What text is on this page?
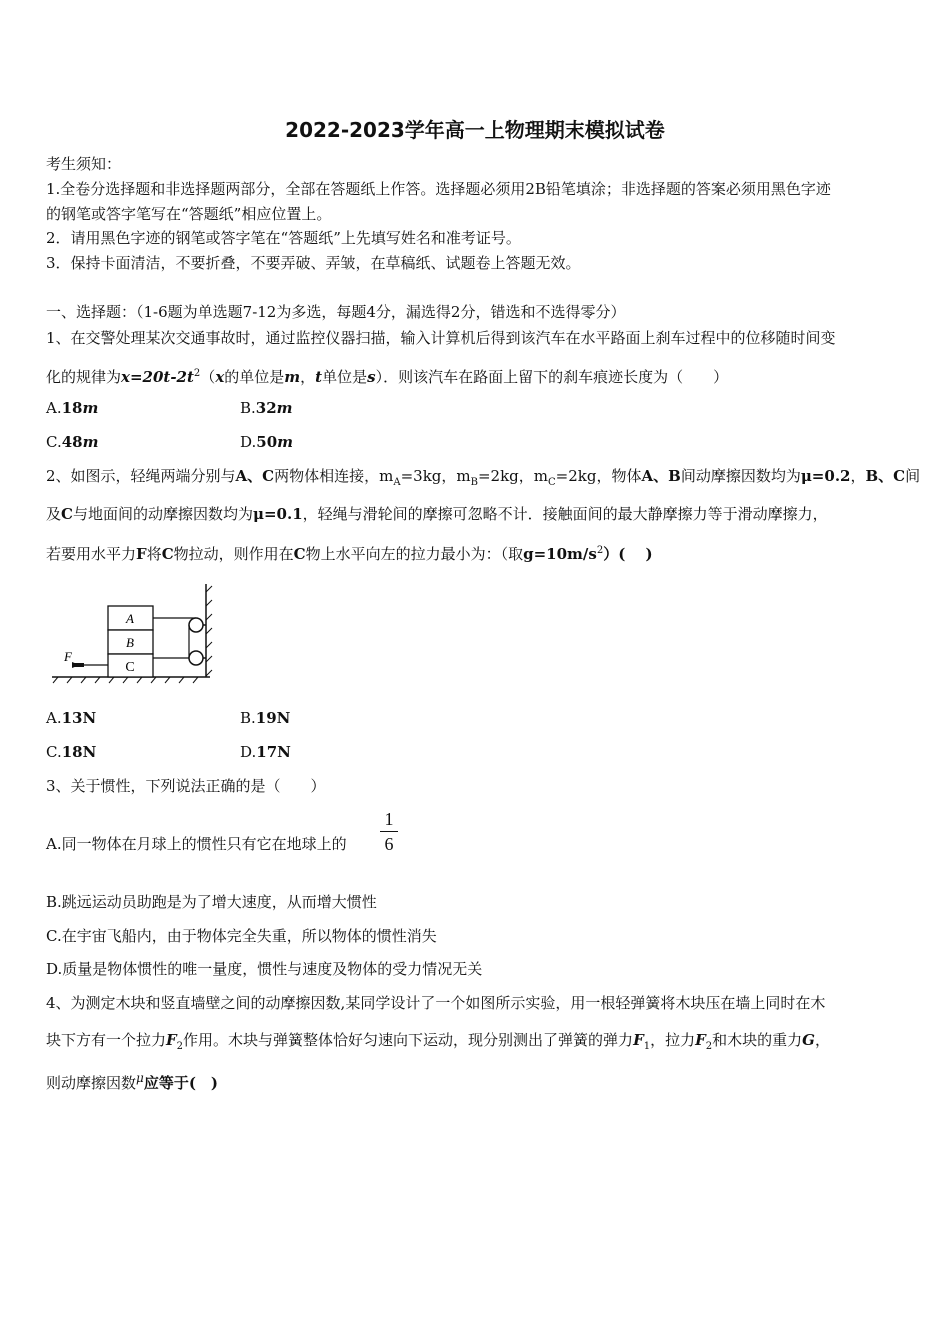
2022-2023学年高一上物理期末模拟试卷
考生须知：
1.全卷分选择题和非选择题两部分，全部在答题纸上作答。选择题必须用2B铅笔填涂；非选择题的答案必须用黑色字迹
的钢笔或答字笔写在“答题纸”相应位置上。
2．请用黑色字迹的钢笔或答字笔在“答题纸”上先填写姓名和准考证号。
3．保持卡面清洁，不要折叠，不要弄破、弄皱，在草稿纸、试题卷上答题无效。
一、选择题：（1-6题为单选题7-12为多选，每题4分，漏选得2分，错选和不选得零分）
1、在交警处理某次交通事故时，通过监控仪器扫描，输入计算机后得到该汽车在水平路面上刹车过程中的位移随时间变
化的规律为$x=20t-2t^2(x$的单位是m，t单位是s）．则该汽车在路面上留下的刹车痕迹长度为（　　）
A.18m	B.32m
C.48m	D.50m
2、如图示，轻绳两端分别与A、C两物体相连接，$m_A=3kg$，$m_B=2kg$，$m_C=2kg$，物体A、B间动摩擦因数均为μ=0.2，B、C间
及C与地面间的动摩擦因数均为μ=0.1，轻绳与滑轮间的摩擦可忽略不计．接触面间的最大静摩擦力等于滑动摩擦力，
若要用水平力F将C物拉动，则作用在C物上水平向左的拉力最小为：（取$g=10m/s^2$）(　 )
A
B
C
F
A.13N	B.19N
C.18N	D.17N
3、关于惯性，下列说法正确的是（　　）
A.同一物体在月球上的惯性只有它在地球上的
1
6
B.跳远运动员助跑是为了增大速度，从而增大惯性
C.在宇宙飞船内，由于物体完全失重，所以物体的惯性消失
D.质量是物体惯性的唯一量度，惯性与速度及物体的受力情况无关
4、为测定木块和竖直墙壁之间的动摩擦因数,某同学设计了一个如图所示实验，用一根轻弹簧将木块压在墙上同时在木
块下方有一个拉力$F_2$作用。木块与弹簧整体恰好匀速向下运动，现分别测出了弹簧的弹力$F_1$，拉力$F_2$和木块的重力G，
则动摩擦因数$^\mu$应等于(　)
